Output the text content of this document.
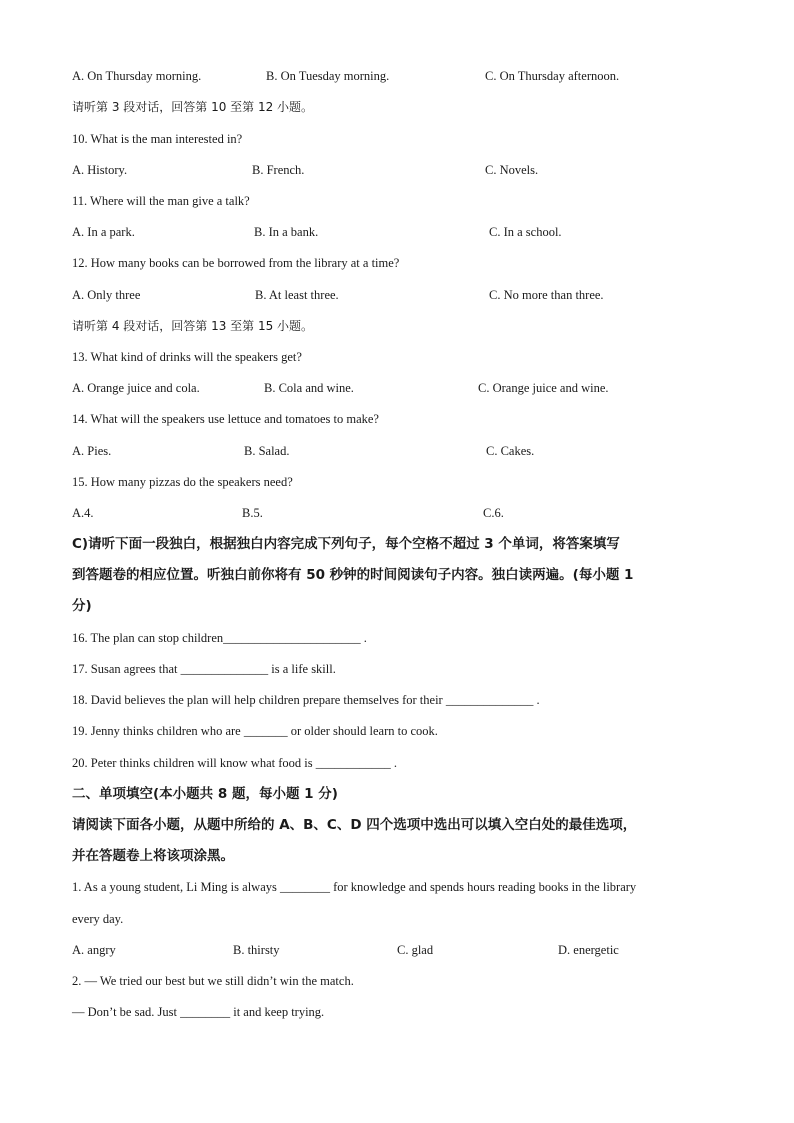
A. On Thursday morning.	B. On Tuesday morning.	C. On Thursday afternoon.
请听第 3 段对话，回答第 10 至第 12 小题。
10. What is the man interested in?
A. History.	B. French.	C. Novels.
11. Where will the man give a talk?
A. In a park.	B. In a bank.	C. In a school.
12. How many books can be borrowed from the library at a time?
A. Only three	B. At least three.	C. No more than three.
请听第 4 段对话，回答第 13 至第 15 小题。
13. What kind of drinks will the speakers get?
A. Orange juice and cola.	B. Cola and wine.	C. Orange juice and wine.
14. What will the speakers use lettuce and tomatoes to make?
A. Pies.	B. Salad.	C. Cakes.
15. How many pizzas do the speakers need?
A.4.	B.5.	C.6.
C)请听下面一段独白，根据独白内容完成下列句子，每个空格不超过 3 个单词，将答案填写
到答题卷的相应位置。听独白前你将有 50 秒钟的时间阅读句子内容。独白读两遍。(每小题 1
分)
16. The plan can stop children______________________ .
17. Susan agrees that ______________ is a life skill.
18. David believes the plan will help children prepare themselves for their ______________ .
19. Jenny thinks children who are _______ or older should learn to cook.
20. Peter thinks children will know what food is ____________ .
二、单项填空(本小题共 8 题，每小题 1 分)
请阅读下面各小题，从题中所给的 A、B、C、D 四个选项中选出可以填入空白处的最佳选项，
并在答题卷上将该项涂黑。
1. As a young student, Li Ming is always ________ for knowledge and spends hours reading books in the library
every day.
A. angry	B. thirsty	C. glad	D. energetic
2. — We tried our best but we still didn’t win the match.
— Don’t be sad. Just ________ it and keep trying.
